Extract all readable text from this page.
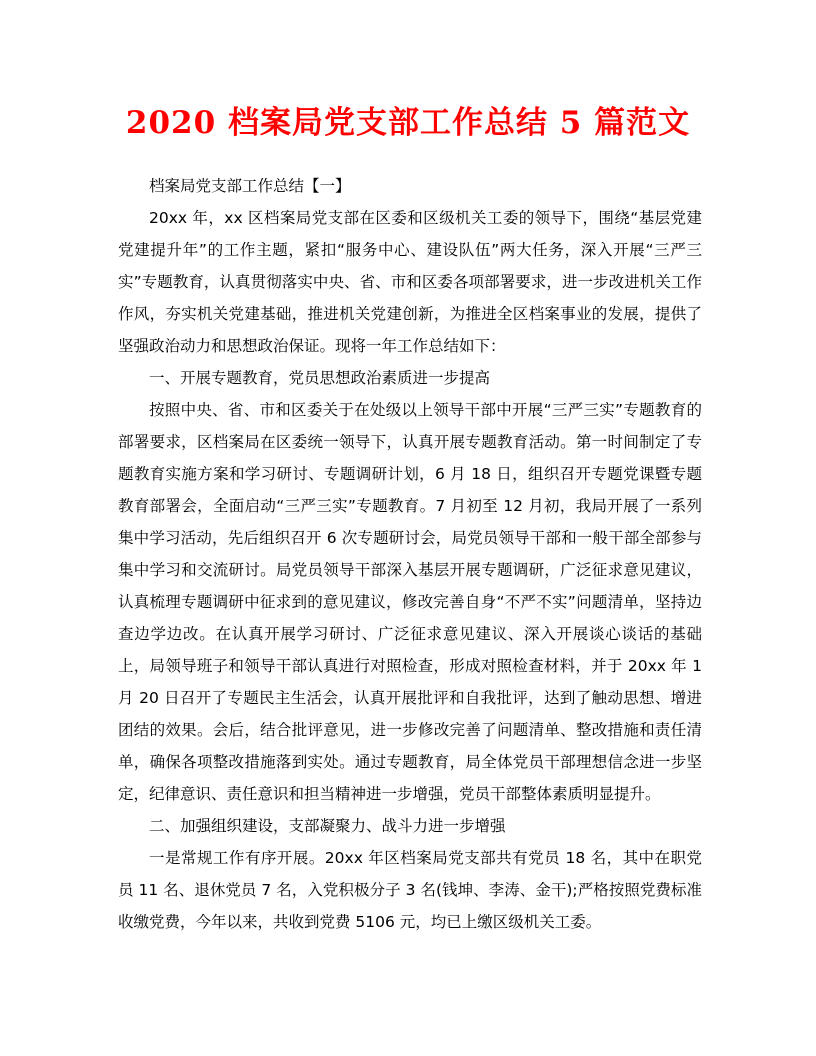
2020 档案局党支部工作总结 5 篇范文

档案局党支部工作总结【一】

20xx 年，xx 区档案局党支部在区委和区级机关工委的领导下，围绕“基层党建党建提升年”的工作主题，紧扣“服务中心、建设队伍”两大任务，深入开展“三严三实”专题教育，认真贯彻落实中央、省、市和区委各项部署要求，进一步改进机关工作作风，夯实机关党建基础，推进机关党建创新，为推进全区档案事业的发展，提供了坚强政治动力和思想政治保证。现将一年工作总结如下：

一、开展专题教育，党员思想政治素质进一步提高

按照中央、省、市和区委关于在处级以上领导干部中开展“三严三实”专题教育的部署要求，区档案局在区委统一领导下，认真开展专题教育活动。第一时间制定了专题教育实施方案和学习研讨、专题调研计划，6 月 18 日，组织召开专题党课暨专题教育部署会，全面启动“三严三实”专题教育。7 月初至 12 月初，我局开展了一系列集中学习活动，先后组织召开 6 次专题研讨会，局党员领导干部和一般干部全部参与集中学习和交流研讨。局党员领导干部深入基层开展专题调研，广泛征求意见建议，认真梳理专题调研中征求到的意见建议，修改完善自身“不严不实”问题清单，坚持边查边学边改。在认真开展学习研讨、广泛征求意见建议、深入开展谈心谈话的基础上，局领导班子和领导干部认真进行对照检查，形成对照检查材料，并于 20xx 年 1 月 20 日召开了专题民主生活会，认真开展批评和自我批评，达到了触动思想、增进团结的效果。会后，结合批评意见，进一步修改完善了问题清单、整改措施和责任清单，确保各项整改措施落到实处。通过专题教育，局全体党员干部理想信念进一步坚定，纪律意识、责任意识和担当精神进一步增强，党员干部整体素质明显提升。

二、加强组织建设，支部凝聚力、战斗力进一步增强

一是常规工作有序开展。20xx 年区档案局党支部共有党员 18 名，其中在职党员 11 名、退休党员 7 名，入党积极分子 3 名(钱坤、李涛、金干);严格按照党费标准收缴党费，今年以来，共收到党费 5106 元，均已上缴区级机关工委。
